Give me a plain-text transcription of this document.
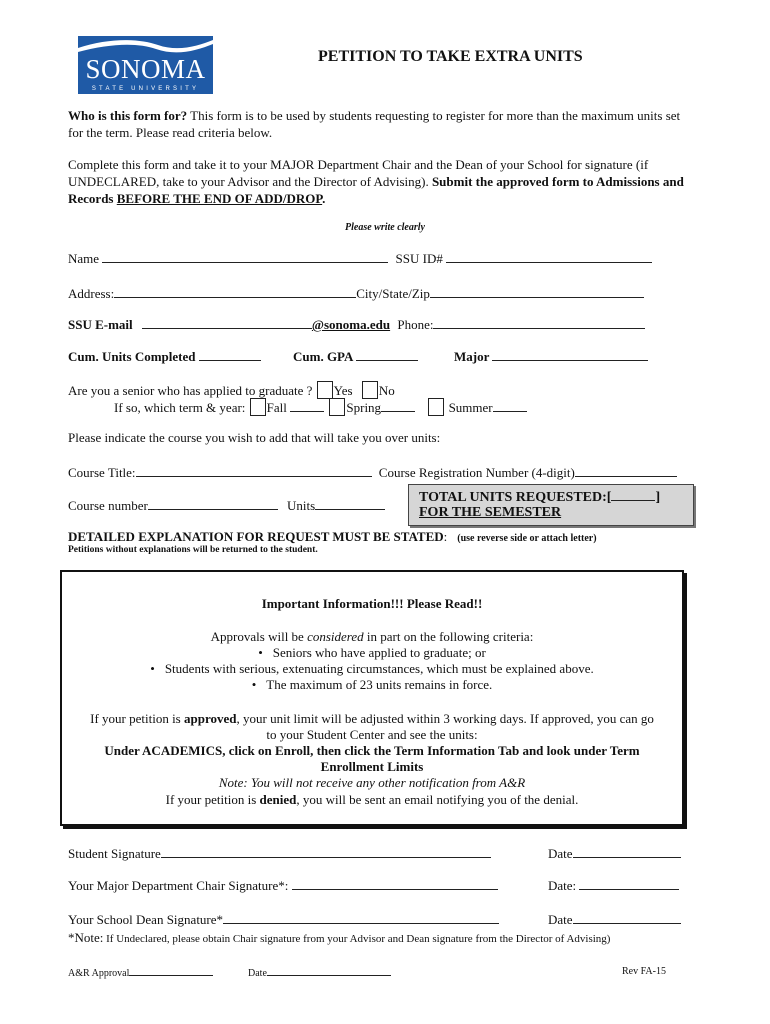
SONOMA
STATE UNIVERSITY
PETITION TO TAKE EXTRA UNITS
Who is this form for? This form is to be used by students requesting to register for more than the maximum units set for the term. Please read criteria below.
Complete this form and take it to your MAJOR Department Chair and the Dean of your School for signature (if UNDECLARED, take to your Advisor and the Director of Advising). Submit the approved form to Admissions and Records BEFORE THE END OF ADD/DROP.
Please write clearly
Name	SSU ID#
Address:	City/State/Zip
SSU E-mail	@sonoma.edu Phone:
Cum. Units Completed	Cum. GPA	Major
Are you a senior who has applied to graduate ? Yes No
If so, which term & year: Fall	Spring	Summer
Please indicate the course you wish to add that will take you over units:
Course Title:	Course Registration Number (4-digit)
Course number	Units
TOTAL UNITS REQUESTED:[	]
FOR THE SEMESTER
DETAILED EXPLANATION FOR REQUEST MUST BE STATED: (use reverse side or attach letter)
Petitions without explanations will be returned to the student.
Important Information!!! Please Read!!
Approvals will be considered in part on the following criteria:
• Seniors who have applied to graduate; or
• Students with serious, extenuating circumstances, which must be explained above.
• The maximum of 23 units remains in force.
If your petition is approved, your unit limit will be adjusted within 3 working days. If approved, you can go
to your Student Center and see the units:
Under ACADEMICS, click on Enroll, then click the Term Information Tab and look under Term
Enrollment Limits
Note: You will not receive any other notification from A&R
If your petition is denied, you will be sent an email notifying you of the denial.
Student Signature	Date
Your Major Department Chair Signature*:	Date:
Your School Dean Signature*	Date
*Note: If Undeclared, please obtain Chair signature from your Advisor and Dean signature from the Director of Advising)
A&R Approval	Date	Rev FA-15
